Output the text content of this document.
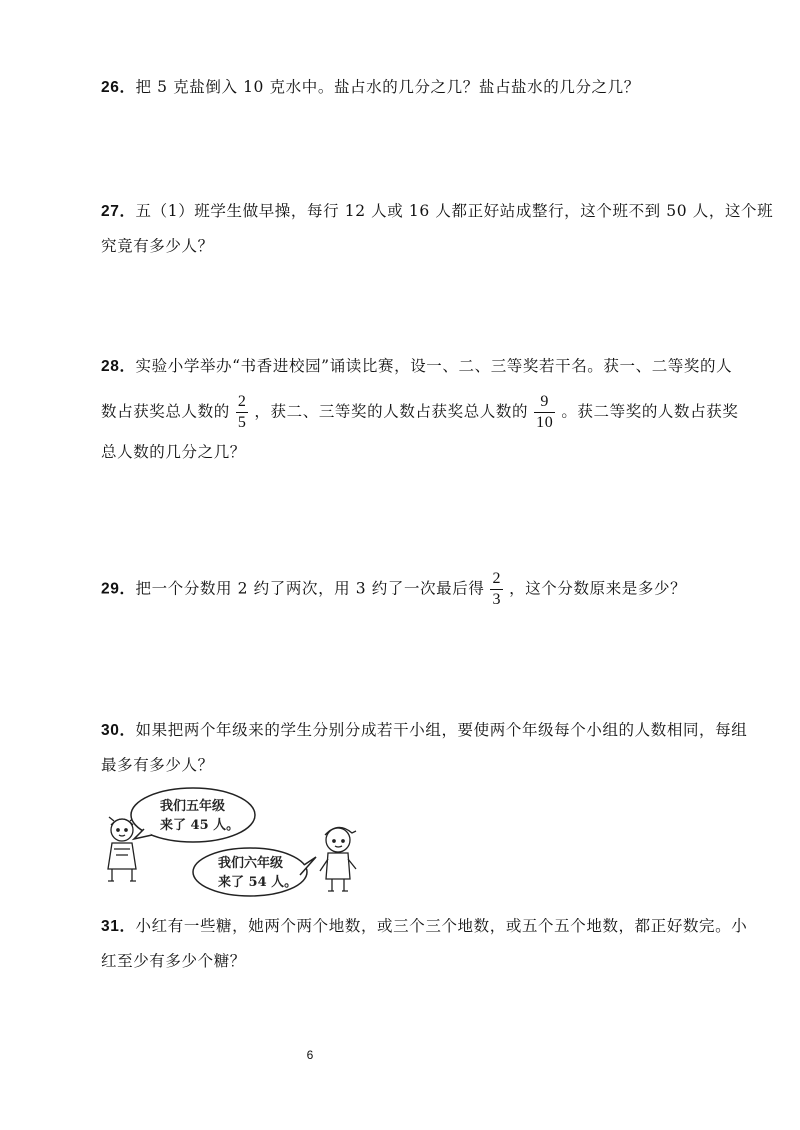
26．把 5 克盐倒入 10 克水中。盐占水的几分之几？盐占盐水的几分之几？
27．五（1）班学生做早操，每行 12 人或 16 人都正好站成整行，这个班不到 50 人，这个班
究竟有多少人？
28．实验小学举办“书香进校园”诵读比赛，设一、二、三等奖若干名。获一、二等奖的人
数占获奖总人数的 $\frac{2}{5}$ ，获二、三等奖的人数占获奖总人数的 $\frac{9}{10}$ 。获二等奖的人数占获奖
总人数的几分之几？
29．把一个分数用 2 约了两次，用 3 约了一次最后得 $\frac{2}{3}$ ，这个分数原来是多少？
30．如果把两个年级来的学生分别分成若干小组，要使两个年级每个小组的人数相同，每组
最多有多少人？
我们五年级
来了 45 人。
我们六年级
来了 54 人。
31．小红有一些糖，她两个两个地数，或三个三个地数，或五个五个地数，都正好数完。小
红至少有多少个糖？
6
